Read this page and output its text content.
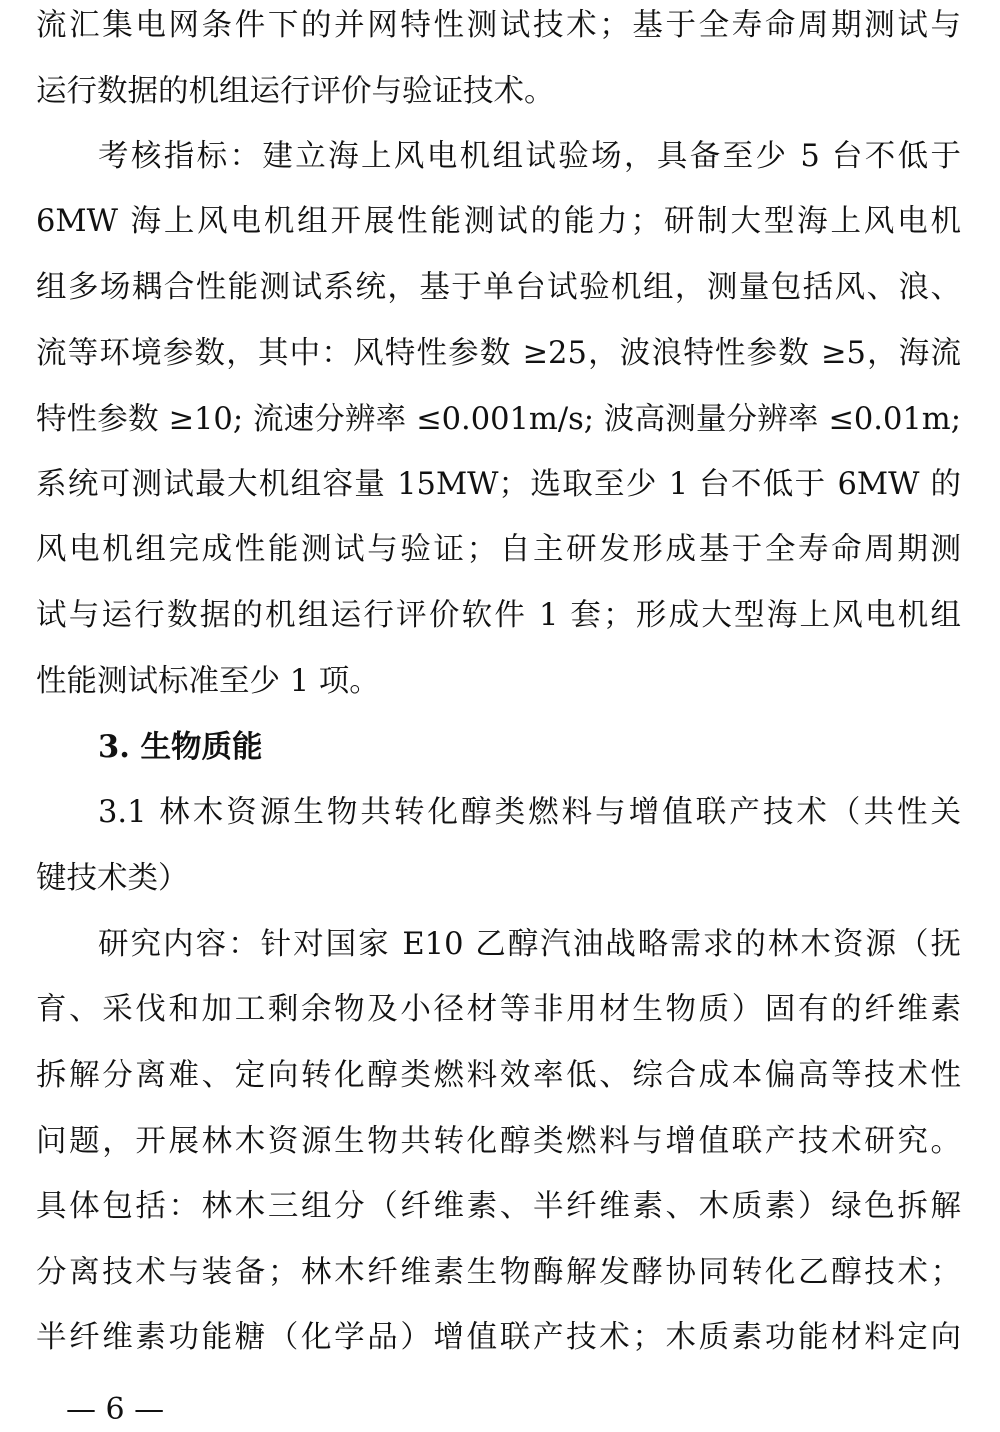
流汇集电网条件下的并网特性测试技术；基于全寿命周期测试与
运行数据的机组运行评价与验证技术。
考核指标：建立海上风电机组试验场，具备至少 5 台不低于
6MW 海上风电机组开展性能测试的能力；研制大型海上风电机
组多场耦合性能测试系统，基于单台试验机组，测量包括风、浪、
流等环境参数，其中：风特性参数 ≥25，波浪特性参数 ≥5，海流
特性参数 ≥10; 流速分辨率 ≤0.001m/s; 波高测量分辨率 ≤0.01m;
系统可测试最大机组容量 15MW；选取至少 1 台不低于 6MW 的
风电机组完成性能测试与验证；自主研发形成基于全寿命周期测
试与运行数据的机组运行评价软件 1 套；形成大型海上风电机组
性能测试标准至少 1 项。
3. 生物质能
3.1 林木资源生物共转化醇类燃料与增值联产技术（共性关
键技术类）
研究内容：针对国家 E10 乙醇汽油战略需求的林木资源（抚
育、采伐和加工剩余物及小径材等非用材生物质）固有的纤维素
拆解分离难、定向转化醇类燃料效率低、综合成本偏高等技术性
问题，开展林木资源生物共转化醇类燃料与增值联产技术研究。
具体包括：林木三组分（纤维素、半纤维素、木质素）绿色拆解
分离技术与装备；林木纤维素生物酶解发酵协同转化乙醇技术；
半纤维素功能糖（化学品）增值联产技术；木质素功能材料定向
— 6 —
